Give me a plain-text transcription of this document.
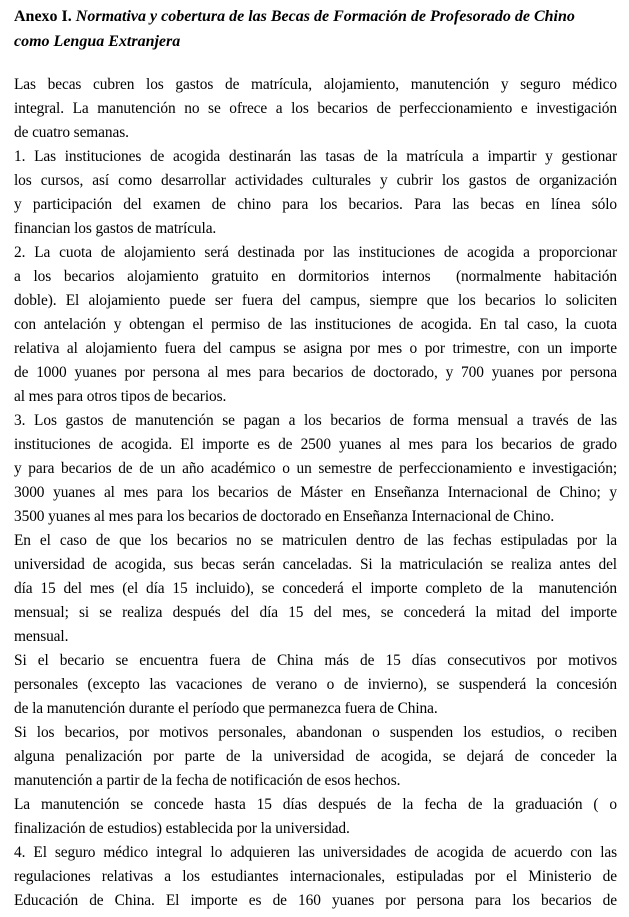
Anexo I. Normativa y cobertura de las Becas de Formación de Profesorado de Chino
como Lengua Extranjera
Las becas cubren los gastos de matrícula, alojamiento, manutención y seguro médico
integral. La manutención no se ofrece a los becarios de perfeccionamiento e investigación
de cuatro semanas.
1. Las instituciones de acogida destinarán las tasas de la matrícula a impartir y gestionar
los cursos, así como desarrollar actividades culturales y cubrir los gastos de organización
y participación del examen de chino para los becarios. Para las becas en línea sólo
financian los gastos de matrícula.
2. La cuota de alojamiento será destinada por las instituciones de acogida a proporcionar
a los becarios alojamiento gratuito en dormitorios internos  (normalmente habitación
doble). El alojamiento puede ser fuera del campus, siempre que los becarios lo soliciten
con antelación y obtengan el permiso de las instituciones de acogida. En tal caso, la cuota
relativa al alojamiento fuera del campus se asigna por mes o por trimestre, con un importe
de 1000 yuanes por persona al mes para becarios de doctorado, y 700 yuanes por persona
al mes para otros tipos de becarios.
3. Los gastos de manutención se pagan a los becarios de forma mensual a través de las
instituciones de acogida. El importe es de 2500 yuanes al mes para los becarios de grado
y para becarios de de un año académico o un semestre de perfeccionamiento e investigación;
3000 yuanes al mes para los becarios de Máster en Enseñanza Internacional de Chino; y
3500 yuanes al mes para los becarios de doctorado en Enseñanza Internacional de Chino.
En el caso de que los becarios no se matriculen dentro de las fechas estipuladas por la
universidad de acogida, sus becas serán canceladas. Si la matriculación se realiza antes del
día 15 del mes (el día 15 incluido), se concederá el importe completo de la  manutención
mensual; si se realiza después del día 15 del mes, se concederá la mitad del importe
mensual.
Si el becario se encuentra fuera de China más de 15 días consecutivos por motivos
personales (excepto las vacaciones de verano o de invierno), se suspenderá la concesión
de la manutención durante el período que permanezca fuera de China.
Si los becarios, por motivos personales, abandonan o suspenden los estudios, o reciben
alguna penalización por parte de la universidad de acogida, se dejará de conceder la
manutención a partir de la fecha de notificación de esos hechos.
La manutención se concede hasta 15 días después de la fecha de la graduación ( o
finalización de estudios) establecida por la universidad.
4. El seguro médico integral lo adquieren las universidades de acogida de acuerdo con las
regulaciones relativas a los estudiantes internacionales, estipuladas por el Ministerio de
Educación de China. El importe es de 160 yuanes por persona para los becarios de
